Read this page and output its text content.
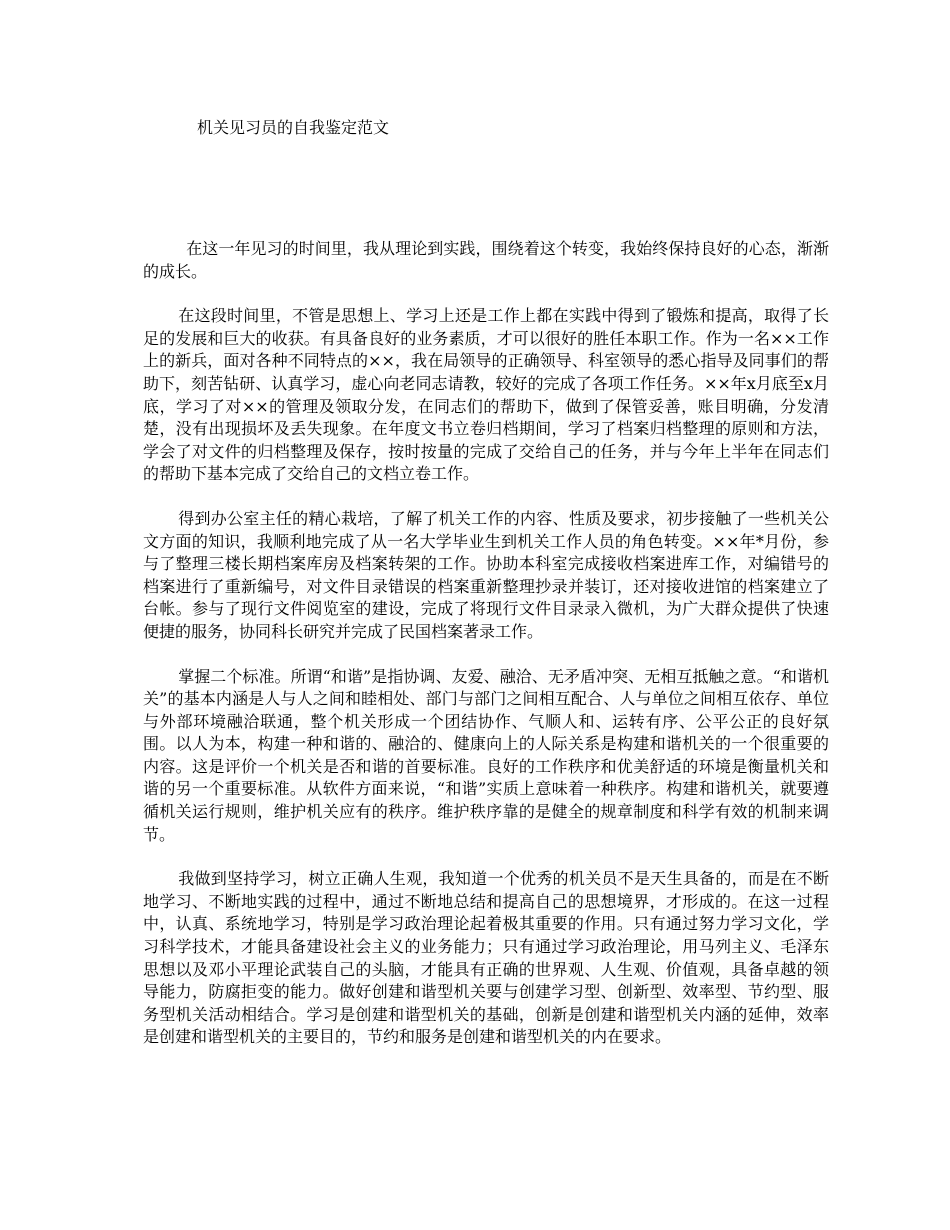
机关见习员的自我鉴定范文

在这一年见习的时间里，我从理论到实践，围绕着这个转变，我始终保持良好的心态，渐渐的成长。

在这段时间里，不管是思想上、学习上还是工作上都在实践中得到了锻炼和提高，取得了长足的发展和巨大的收获。有具备良好的业务素质，才可以很好的胜任本职工作。作为一名××工作上的新兵，面对各种不同特点的××，我在局领导的正确领导、科室领导的悉心指导及同事们的帮助下，刻苦钻研、认真学习，虚心向老同志请教，较好的完成了各项工作任务。××年x月底至x月底，学习了对××的管理及领取分发，在同志们的帮助下，做到了保管妥善，账目明确，分发清楚，没有出现损坏及丢失现象。在年度文书立卷归档期间，学习了档案归档整理的原则和方法，学会了对文件的归档整理及保存，按时按量的完成了交给自己的任务，并与今年上半年在同志们的帮助下基本完成了交给自己的文档立卷工作。

得到办公室主任的精心栽培，了解了机关工作的内容、性质及要求，初步接触了一些机关公文方面的知识，我顺利地完成了从一名大学毕业生到机关工作人员的角色转变。××年*月份，参与了整理三楼长期档案库房及档案转架的工作。协助本科室完成接收档案进库工作，对编错号的档案进行了重新编号，对文件目录错误的档案重新整理抄录并装订，还对接收进馆的档案建立了台帐。参与了现行文件阅览室的建设，完成了将现行文件目录录入微机，为广大群众提供了快速便捷的服务，协同科长研究并完成了民国档案著录工作。

掌握二个标准。所谓“和谐”是指协调、友爱、融洽、无矛盾冲突、无相互抵触之意。“和谐机关”的基本内涵是人与人之间和睦相处、部门与部门之间相互配合、人与单位之间相互依存、单位与外部环境融洽联通，整个机关形成一个团结协作、气顺人和、运转有序、公平公正的良好氛围。以人为本，构建一种和谐的、融洽的、健康向上的人际关系是构建和谐机关的一个很重要的内容。这是评价一个机关是否和谐的首要标准。良好的工作秩序和优美舒适的环境是衡量机关和谐的另一个重要标准。从软件方面来说，“和谐”实质上意味着一种秩序。构建和谐机关，就要遵循机关运行规则，维护机关应有的秩序。维护秩序靠的是健全的规章制度和科学有效的机制来调节。

我做到坚持学习，树立正确人生观，我知道一个优秀的机关员不是天生具备的，而是在不断地学习、不断地实践的过程中，通过不断地总结和提高自己的思想境界，才形成的。在这一过程中，认真、系统地学习，特别是学习政治理论起着极其重要的作用。只有通过努力学习文化，学习科学技术，才能具备建设社会主义的业务能力；只有通过学习政治理论，用马列主义、毛泽东思想以及邓小平理论武装自己的头脑，才能具有正确的世界观、人生观、价值观，具备卓越的领导能力，防腐拒变的能力。做好创建和谐型机关要与创建学习型、创新型、效率型、节约型、服务型机关活动相结合。学习是创建和谐型机关的基础，创新是创建和谐型机关内涵的延伸，效率是创建和谐型机关的主要目的，节约和服务是创建和谐型机关的内在要求。
